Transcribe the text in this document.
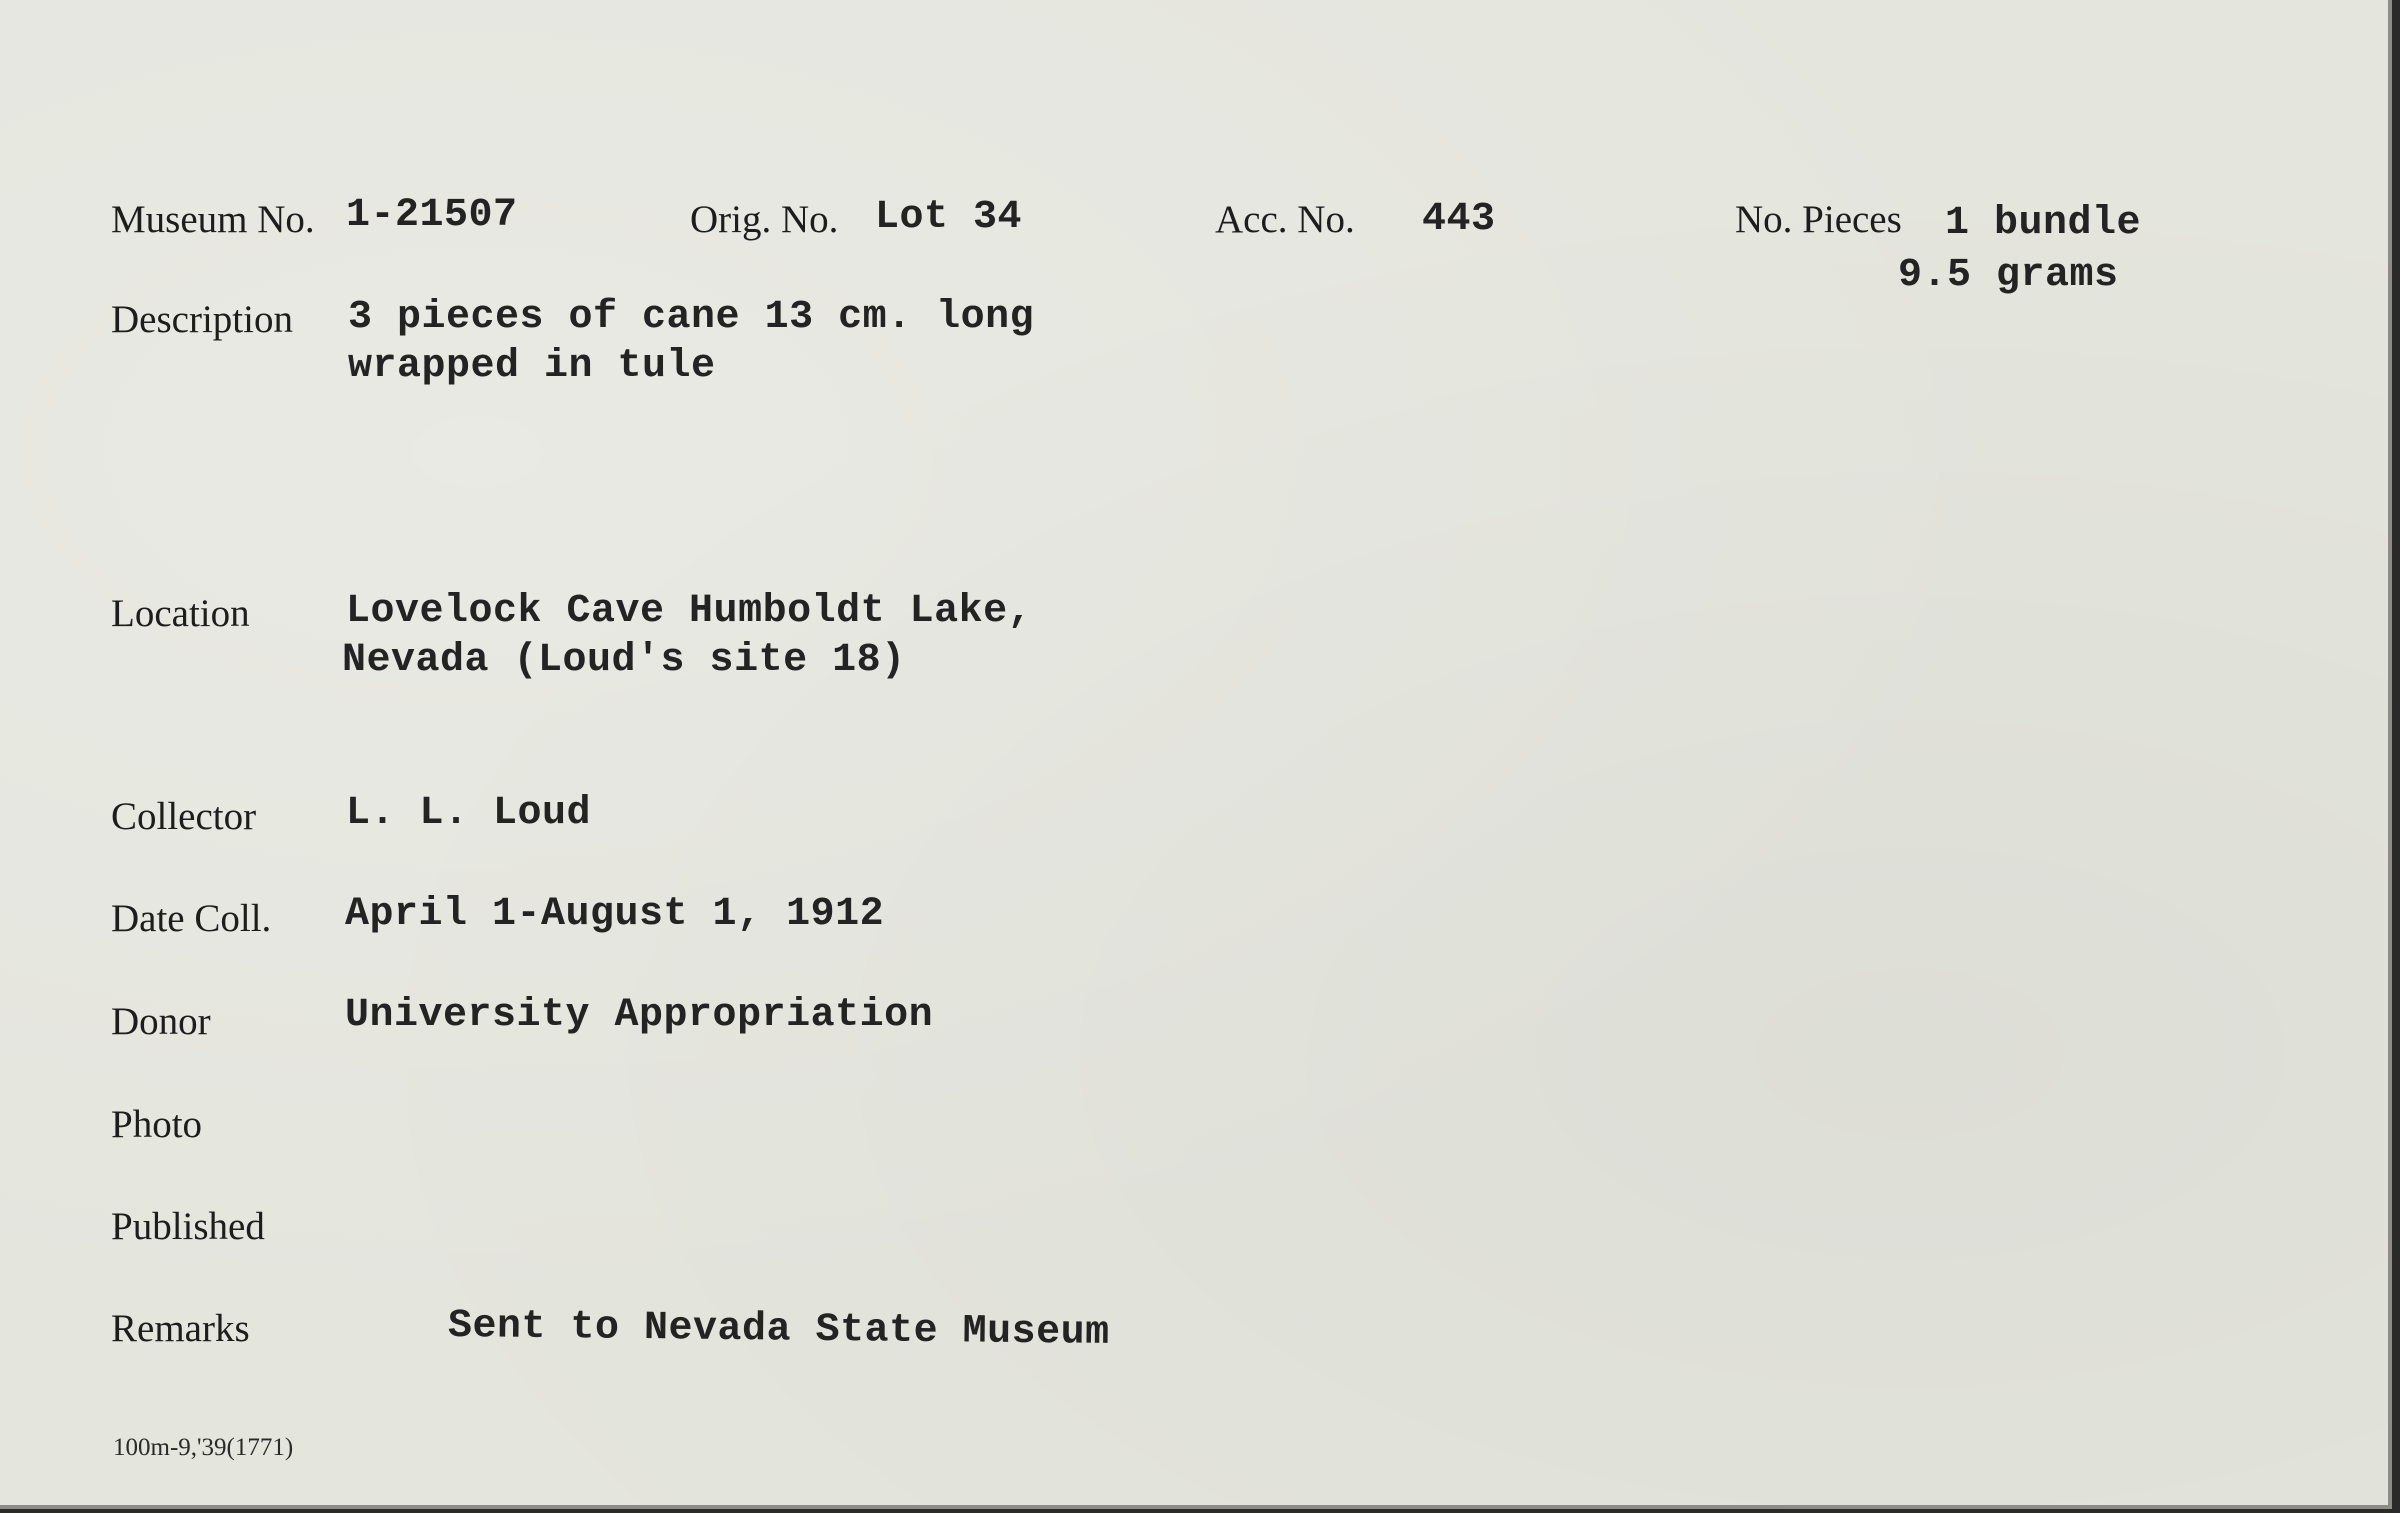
Museum No. 1-21507	Orig. No. Lot 34	Acc. No. 443	No. Pieces 1 bundle
9.5 grams
Description 3 pieces of cane 13 cm. long
wrapped in tule
Location Lovelock Cave Humboldt Lake,
Nevada (Loud's site 18)
Collector L. L. Loud
Date Coll. April 1-August 1, 1912
Donor	University Appropriation
Photo
Published
Remarks	Sent to Nevada State Museum
100m-9,'39(1771)
